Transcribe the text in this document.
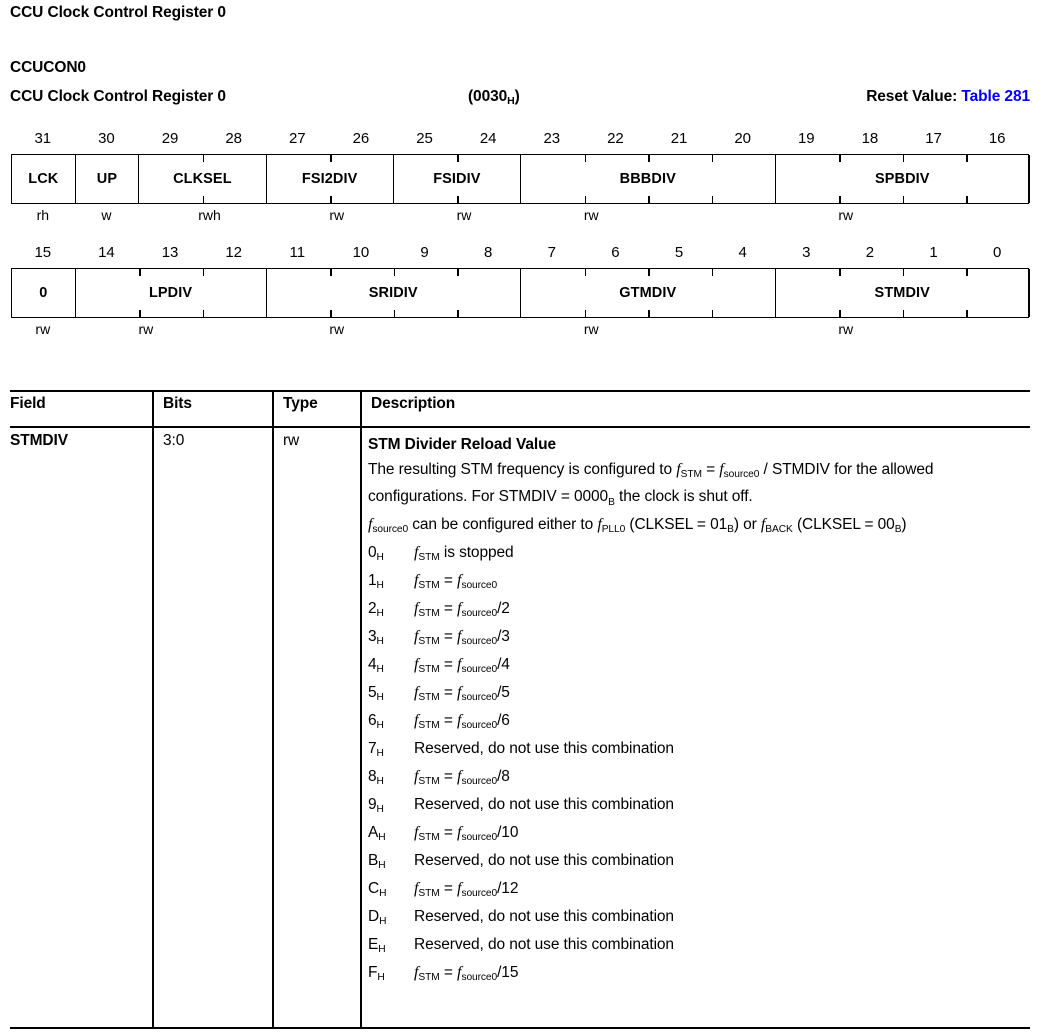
CCU Clock Control Register 0
CCUCON0
CCU Clock Control Register 0	$(0030_H)$	Reset Value: Table 281
31	30	29	28	27	26	25	24	23	22	21	20	19	18	17	16
LCK	UP	CLKSEL	FSI2DIV	FSIDIV	BBBDIV	SPBDIV
rh	w	rwh	rw	rw	rw	rw
15	14	13	12	11	10	9	8	7	6	5	4	3	2	1	0
0	LPDIV	SRIDIV	GTMDIV	STMDIV
rw	rw	rw	rw	rw
Field	Bits	Type	Description
STMDIV	3:0	rw	STM Divider Reload Value

The resulting STM frequency is configured to $f_{STM} = f_{source0}$ / STMDIV for the allowed configurations. For STMDIV = $0000_B$ the clock is shut off.

$f_{source0}$ can be configured either to $f_{PLL0}$ (CLKSEL = $01_B$) or $f_{BACK}$ (CLKSEL = $00_B$)

$0_H$ $f_{STM}$ is stopped
$1_H$ $f_{STM} = f_{source0}$
$2_H$ $f_{STM} = f_{source0}/2$
$3_H$ $f_{STM} = f_{source0}/3$
$4_H$ $f_{STM} = f_{source0}/4$
$5_H$ $f_{STM} = f_{source0}/5$
$6_H$ $f_{STM} = f_{source0}/6$
$7_H$ Reserved, do not use this combination
$8_H$ $f_{STM} = f_{source0}/8$
$9_H$ Reserved, do not use this combination
$A_H$ $f_{STM} = f_{source0}/10$
$B_H$ Reserved, do not use this combination
$C_H$ $f_{STM} = f_{source0}/12$
$D_H$ Reserved, do not use this combination
$E_H$ Reserved, do not use this combination
$F_H$ $f_{STM} = f_{source0}/15$
